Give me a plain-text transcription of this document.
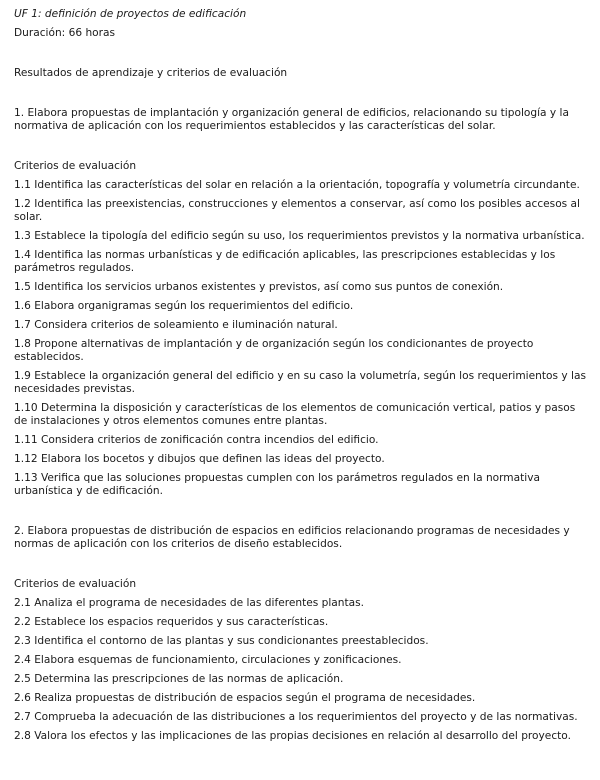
UF 1: definición de proyectos de edificación

Duración: 66 horas

Resultados de aprendizaje y criterios de evaluación

1. Elabora propuestas de implantación y organización general de edificios, relacionando su tipología y la normativa de aplicación con los requerimientos establecidos y las características del solar.

Criterios de evaluación

1.1 Identifica las características del solar en relación a la orientación, topografía y volumetría circundante.

1.2 Identifica las preexistencias, construcciones y elementos a conservar, así como los posibles accesos al solar.

1.3 Establece la tipología del edificio según su uso, los requerimientos previstos y la normativa urbanística.

1.4 Identifica las normas urbanísticas y de edificación aplicables, las prescripciones establecidas y los parámetros regulados.

1.5 Identifica los servicios urbanos existentes y previstos, así como sus puntos de conexión.

1.6 Elabora organigramas según los requerimientos del edificio.

1.7 Considera criterios de soleamiento e iluminación natural.

1.8 Propone alternativas de implantación y de organización según los condicionantes de proyecto establecidos.

1.9 Establece la organización general del edificio y en su caso la volumetría, según los requerimientos y las necesidades previstas.

1.10 Determina la disposición y características de los elementos de comunicación vertical, patios y pasos de instalaciones y otros elementos comunes entre plantas.

1.11 Considera criterios de zonificación contra incendios del edificio.

1.12 Elabora los bocetos y dibujos que definen las ideas del proyecto.

1.13 Verifica que las soluciones propuestas cumplen con los parámetros regulados en la normativa urbanística y de edificación.

2. Elabora propuestas de distribución de espacios en edificios relacionando programas de necesidades y normas de aplicación con los criterios de diseño establecidos.

Criterios de evaluación

2.1 Analiza el programa de necesidades de las diferentes plantas.

2.2 Establece los espacios requeridos y sus características.

2.3 Identifica el contorno de las plantas y sus condicionantes preestablecidos.

2.4 Elabora esquemas de funcionamiento, circulaciones y zonificaciones.

2.5 Determina las prescripciones de las normas de aplicación.

2.6 Realiza propuestas de distribución de espacios según el programa de necesidades.

2.7 Comprueba la adecuación de las distribuciones a los requerimientos del proyecto y de las normativas.

2.8 Valora los efectos y las implicaciones de las propias decisiones en relación al desarrollo del proyecto.
